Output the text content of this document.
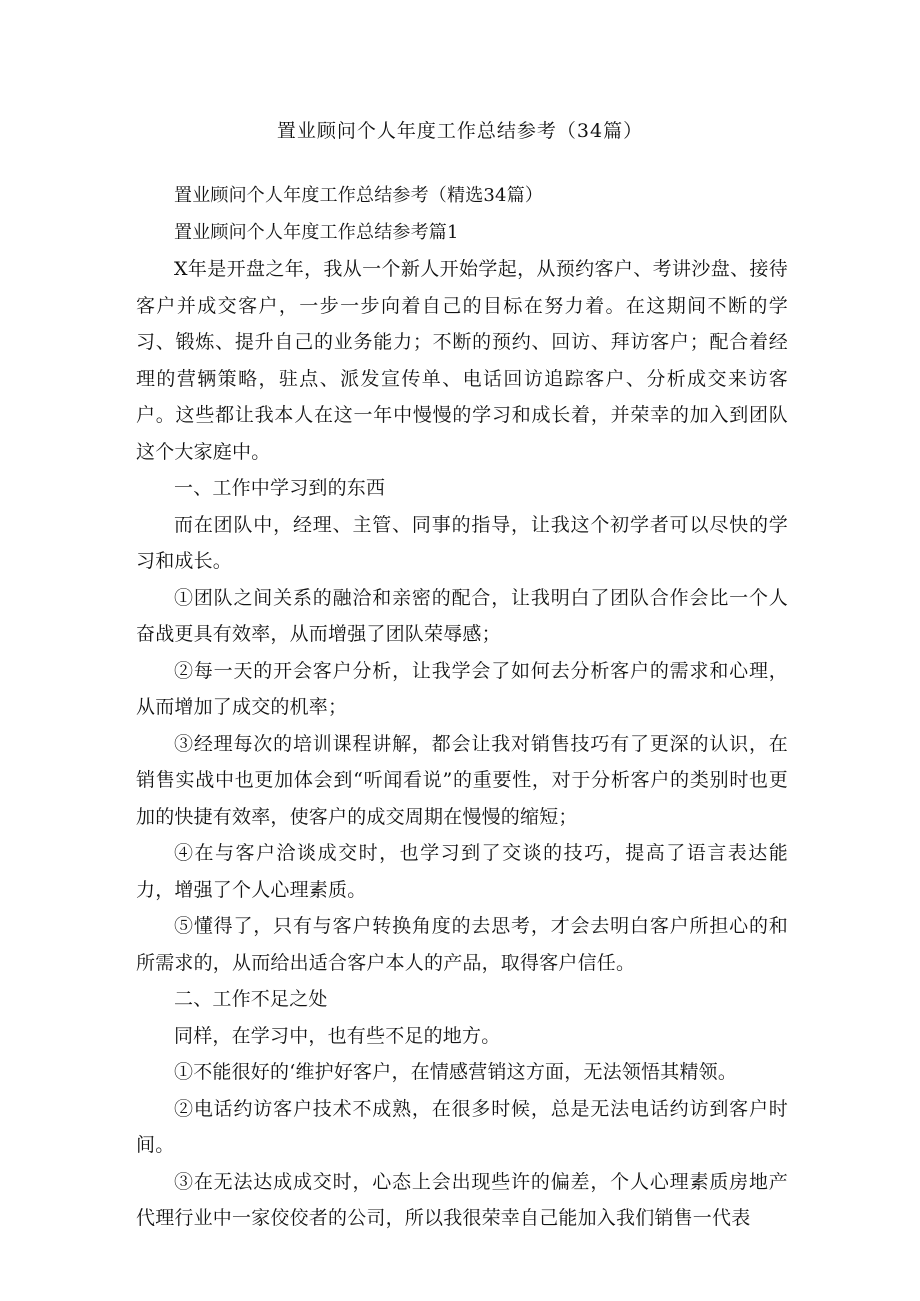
置业顾问个人年度工作总结参考（34篇）

置业顾问个人年度工作总结参考（精选34篇）

置业顾问个人年度工作总结参考篇1

X年是开盘之年，我从一个新人开始学起，从预约客户、考讲沙盘、接待客户并成交客户，一步一步向着自己的目标在努力着。在这期间不断的学习、锻炼、提升自己的业务能力；不断的预约、回访、拜访客户；配合着经理的营辆策略，驻点、派发宣传单、电话回访追踪客户、分析成交来访客户。这些都让我本人在这一年中慢慢的学习和成长着，并荣幸的加入到团队这个大家庭中。

一、工作中学习到的东西

而在团队中，经理、主管、同事的指导，让我这个初学者可以尽快的学习和成长。

①团队之间关系的融洽和亲密的配合，让我明白了团队合作会比一个人奋战更具有效率，从而增强了团队荣辱感；

②每一天的开会客户分析，让我学会了如何去分析客户的需求和心理，从而增加了成交的机率；

③经理每次的培训课程讲解，都会让我对销售技巧有了更深的认识，在销售实战中也更加体会到“听闻看说”的重要性，对于分析客户的类别时也更加的快捷有效率，使客户的成交周期在慢慢的缩短；

④在与客户洽谈成交时，也学习到了交谈的技巧，提高了语言表达能力，增强了个人心理素质。

⑤懂得了，只有与客户转换角度的去思考，才会去明白客户所担心的和所需求的，从而给出适合客户本人的产品，取得客户信任。

二、工作不足之处

同样，在学习中，也有些不足的地方。

①不能很好的‘维护好客户，在情感营销这方面，无法领悟其精领。

②电话约访客户技术不成熟，在很多时候，总是无法电话约访到客户时间。

③在无法达成成交时，心态上会出现些许的偏差，个人心理素质房地产代理行业中一家佼佼者的公司，所以我很荣幸自己能加入我们销售一代表
